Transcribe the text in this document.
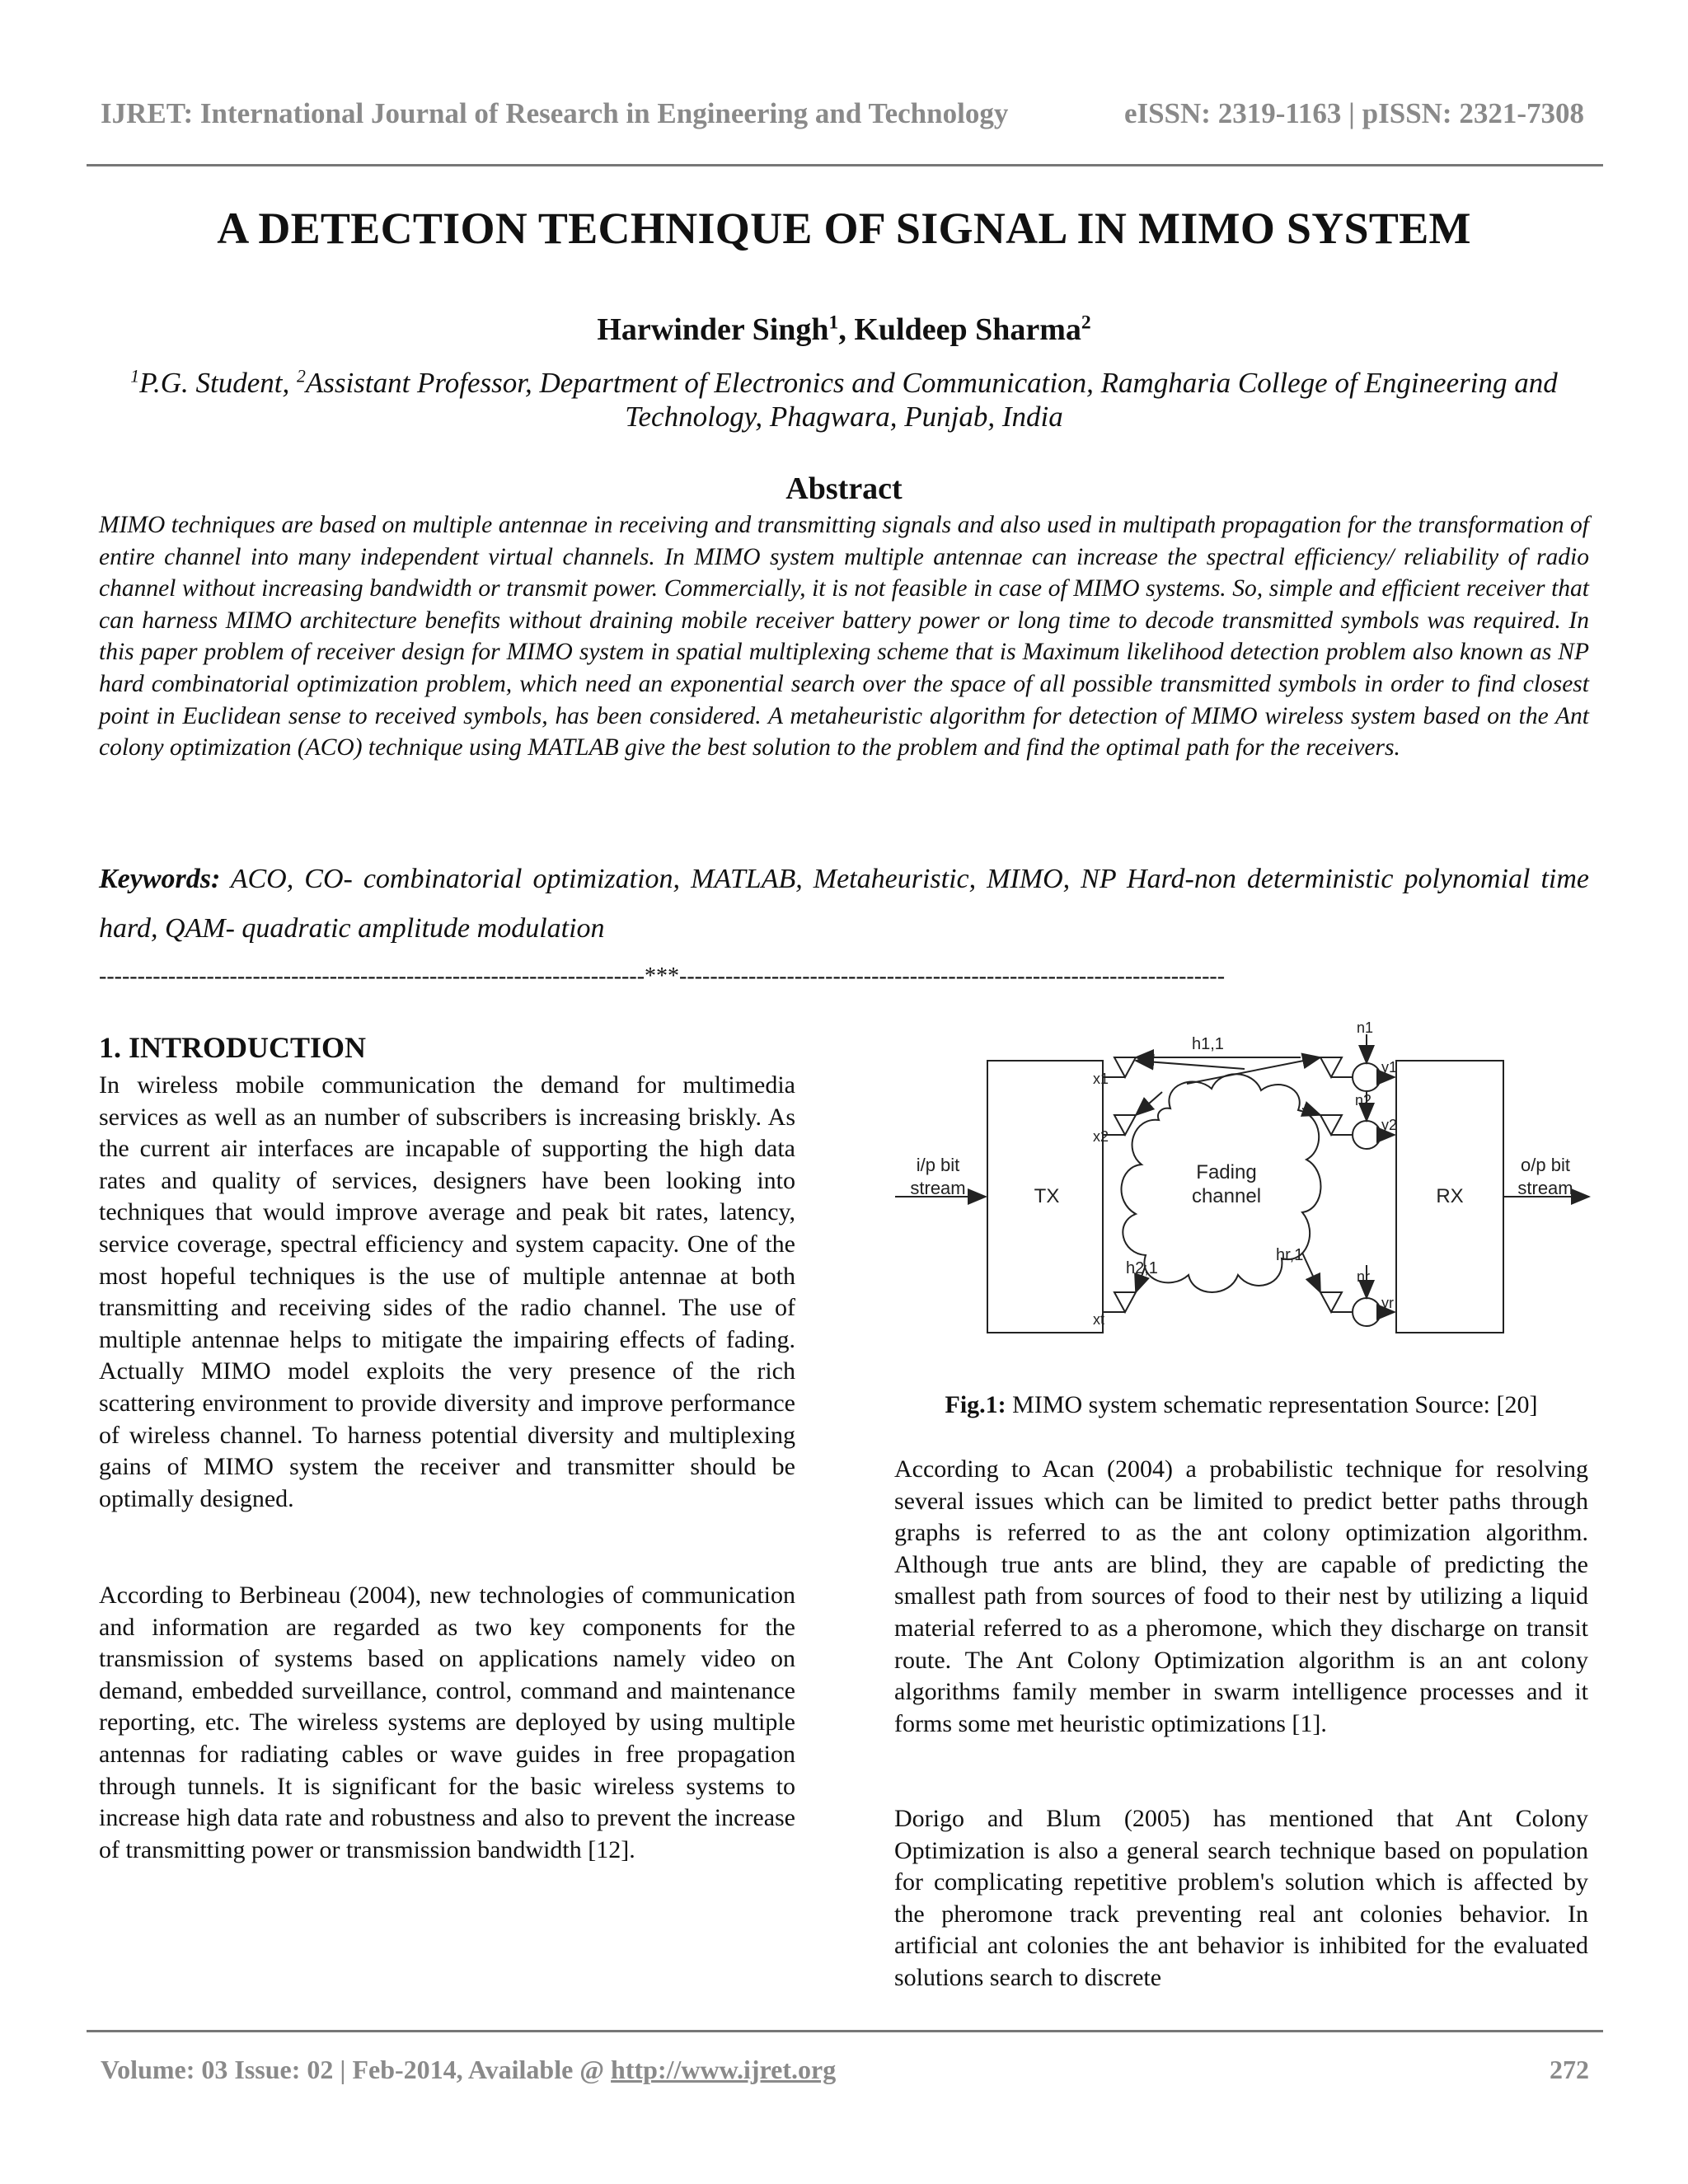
IJRET: International Journal of Research in Engineering and Technology	eISSN: 2319-1163 | pISSN: 2321-7308
A DETECTION TECHNIQUE OF SIGNAL IN MIMO SYSTEM
Harwinder Singh$^1$, Kuldeep Sharma$^2$
$^1$P.G. Student, $^2$Assistant Professor, Department of Electronics and Communication, Ramgharia College of Engineering and Technology, Phagwara, Punjab, India
Abstract
MIMO techniques are based on multiple antennae in receiving and transmitting signals and also used in multipath propagation for the transformation of entire channel into many independent virtual channels. In MIMO system multiple antennae can increase the spectral efficiency/ reliability of radio channel without increasing bandwidth or transmit power. Commercially, it is not feasible in case of MIMO systems. So, simple and efficient receiver that can harness MIMO architecture benefits without draining mobile receiver battery power or long time to decode transmitted symbols was required. In this paper problem of receiver design for MIMO system in spatial multiplexing scheme that is Maximum likelihood detection problem also known as NP hard combinatorial optimization problem, which need an exponential search over the space of all possible transmitted symbols in order to find closest point in Euclidean sense to received symbols, has been considered. A metaheuristic algorithm for detection of MIMO wireless system based on the Ant colony optimization (ACO) technique using MATLAB give the best solution to the problem and find the optimal path for the receivers.
Keywords: ACO, CO- combinatorial optimization, MATLAB, Metaheuristic, MIMO, NP Hard-non deterministic polynomial time hard, QAM- quadratic amplitude modulation
-----------------------------------------------------------------------***-----------------------------------------------------------------------
1. INTRODUCTION

In wireless mobile communication the demand for multimedia services as well as an number of subscribers is increasing briskly. As the current air interfaces are incapable of supporting the high data rates and quality of services, designers have been looking into techniques that would improve average and peak bit rates, latency, service coverage, spectral efficiency and system capacity. One of the most hopeful techniques is the use of multiple antennae at both transmitting and receiving sides of the radio channel. The use of multiple antennae helps to mitigate the impairing effects of fading. Actually MIMO model exploits the very presence of the rich scattering environment to provide diversity and improve performance of wireless channel. To harness potential diversity and multiplexing gains of MIMO system the receiver and transmitter should be optimally designed.

According to Berbineau (2004), new technologies of communication and information are regarded as two key components for the transmission of systems based on applications namely video on demand, embedded surveillance, control, command and maintenance reporting, etc. The wireless systems are deployed by using multiple antennas for radiating cables or wave guides in free propagation through tunnels. It is significant for the basic wireless systems to increase high data rate and robustness and also to prevent the increase of transmitting power or transmission bandwidth [12].

TX	RX
i/p bit
stream
o/p bit
stream
Fading
channel
x1
x2
xt
h1,1
h2,1
hr,1
n1
n2
nr
y1
y2
yr
Fig.1: MIMO system schematic representation Source: [20]

According to Acan (2004) a probabilistic technique for resolving several issues which can be limited to predict better paths through graphs is referred to as the ant colony optimization algorithm. Although true ants are blind, they are capable of predicting the smallest path from sources of food to their nest by utilizing a liquid material referred to as a pheromone, which they discharge on transit route. The Ant Colony Optimization algorithm is an ant colony algorithms family member in swarm intelligence processes and it forms some met heuristic optimizations [1].

Dorigo and Blum (2005) has mentioned that Ant Colony Optimization is also a general search technique based on population for complicating repetitive problem's solution which is affected by the pheromone track preventing real ant colonies behavior. In artificial ant colonies the ant behavior is inhibited for the evaluated solutions search to discrete

Volume: 03 Issue: 02 | Feb-2014, Available @ http://www.ijret.org	272
